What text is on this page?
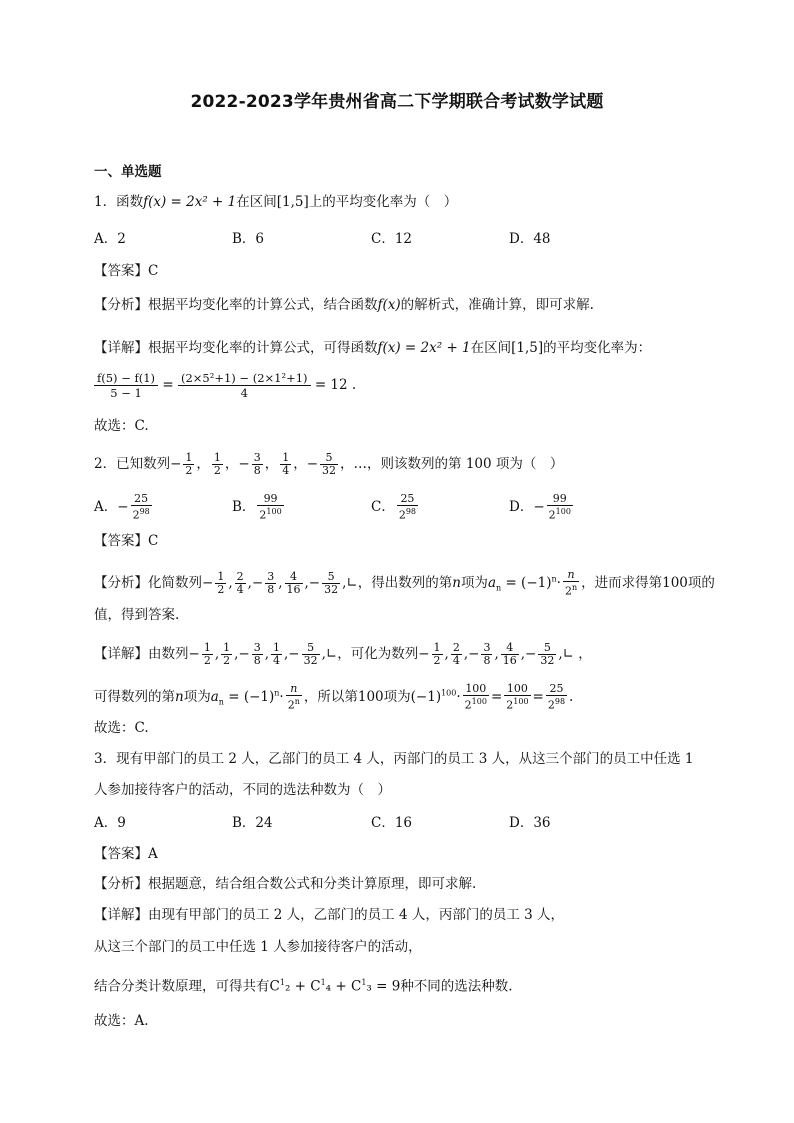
2022-2023学年贵州省高二下学期联合考试数学试题
一、单选题
1．函数f(x) = 2x² + 1在区间[1,5]上的平均变化率为（　）
A．2	B．6	C．12	D．48
【答案】C
【分析】根据平均变化率的计算公式，结合函数f(x)的解析式，准确计算，即可求解.
【详解】根据平均变化率的计算公式，可得函数f(x) = 2x² + 1在区间[1,5]的平均变化率为：
$\frac{f(5) - f(1)}{5 - 1} = \frac{\text{(2×5²+1) − (2×1²+1)}}{4} = 12$ .
故选：C.
2．已知数列− $\frac{1}{2}$ ， $\frac{1}{2}$ ，− $\frac{3}{8}$ ， $\frac{1}{4}$ ，− $\frac{5}{32}$ ，…，则该数列的第 100 项为（　）
A．− $\frac{25}{2^{98}}$	B． $\frac{99}{2^{100}}$	C． $\frac{25}{2^{98}}$	D．− $\frac{99}{2^{100}}$
【答案】C
【分析】化简数列− $\frac{1}{2}$ , $\frac{2}{4}$ ,− $\frac{3}{8}$ , $\frac{4}{16}$ ,− $\frac{5}{32}$ ,∟，得出数列的第n项为$a_n = (-1)^n\cdot \frac{n}{2^n}$ ，进而求得第100项的
值，得到答案.
【详解】由数列− $\frac{1}{2}$ , $\frac{1}{2}$ ,− $\frac{3}{8}$ , $\frac{1}{4}$ ,− $\frac{5}{32}$ ,∟，可化为数列− $\frac{1}{2}$ , $\frac{2}{4}$ ,− $\frac{3}{8}$ , $\frac{4}{16}$ ,− $\frac{5}{32}$ ,∟ ，
可得数列的第n项为$a_n = (-1)^n\cdot \frac{n}{2^n}$ ，所以第100项为$(-1)^{100}\cdot \frac{100}{2^{100}} = \frac{100}{2^{100}} = \frac{25}{2^{98}}$ .
故选：C.
3．现有甲部门的员工 2 人，乙部门的员工 4 人，丙部门的员工 3 人，从这三个部门的员工中任选 1
人参加接待客户的活动，不同的选法种数为（　）
A．9	B．24	C．16	D．36
【答案】A
【分析】根据题意，结合组合数公式和分类计算原理，即可求解.
【详解】由现有甲部门的员工 2 人，乙部门的员工 4 人，丙部门的员工 3 人，
从这三个部门的员工中任选 1 人参加接待客户的活动，
结合分类计数原理，可得共有$C^1_2 + C^1_4 + C^1_3 = 9$种不同的选法种数.
故选：A.
